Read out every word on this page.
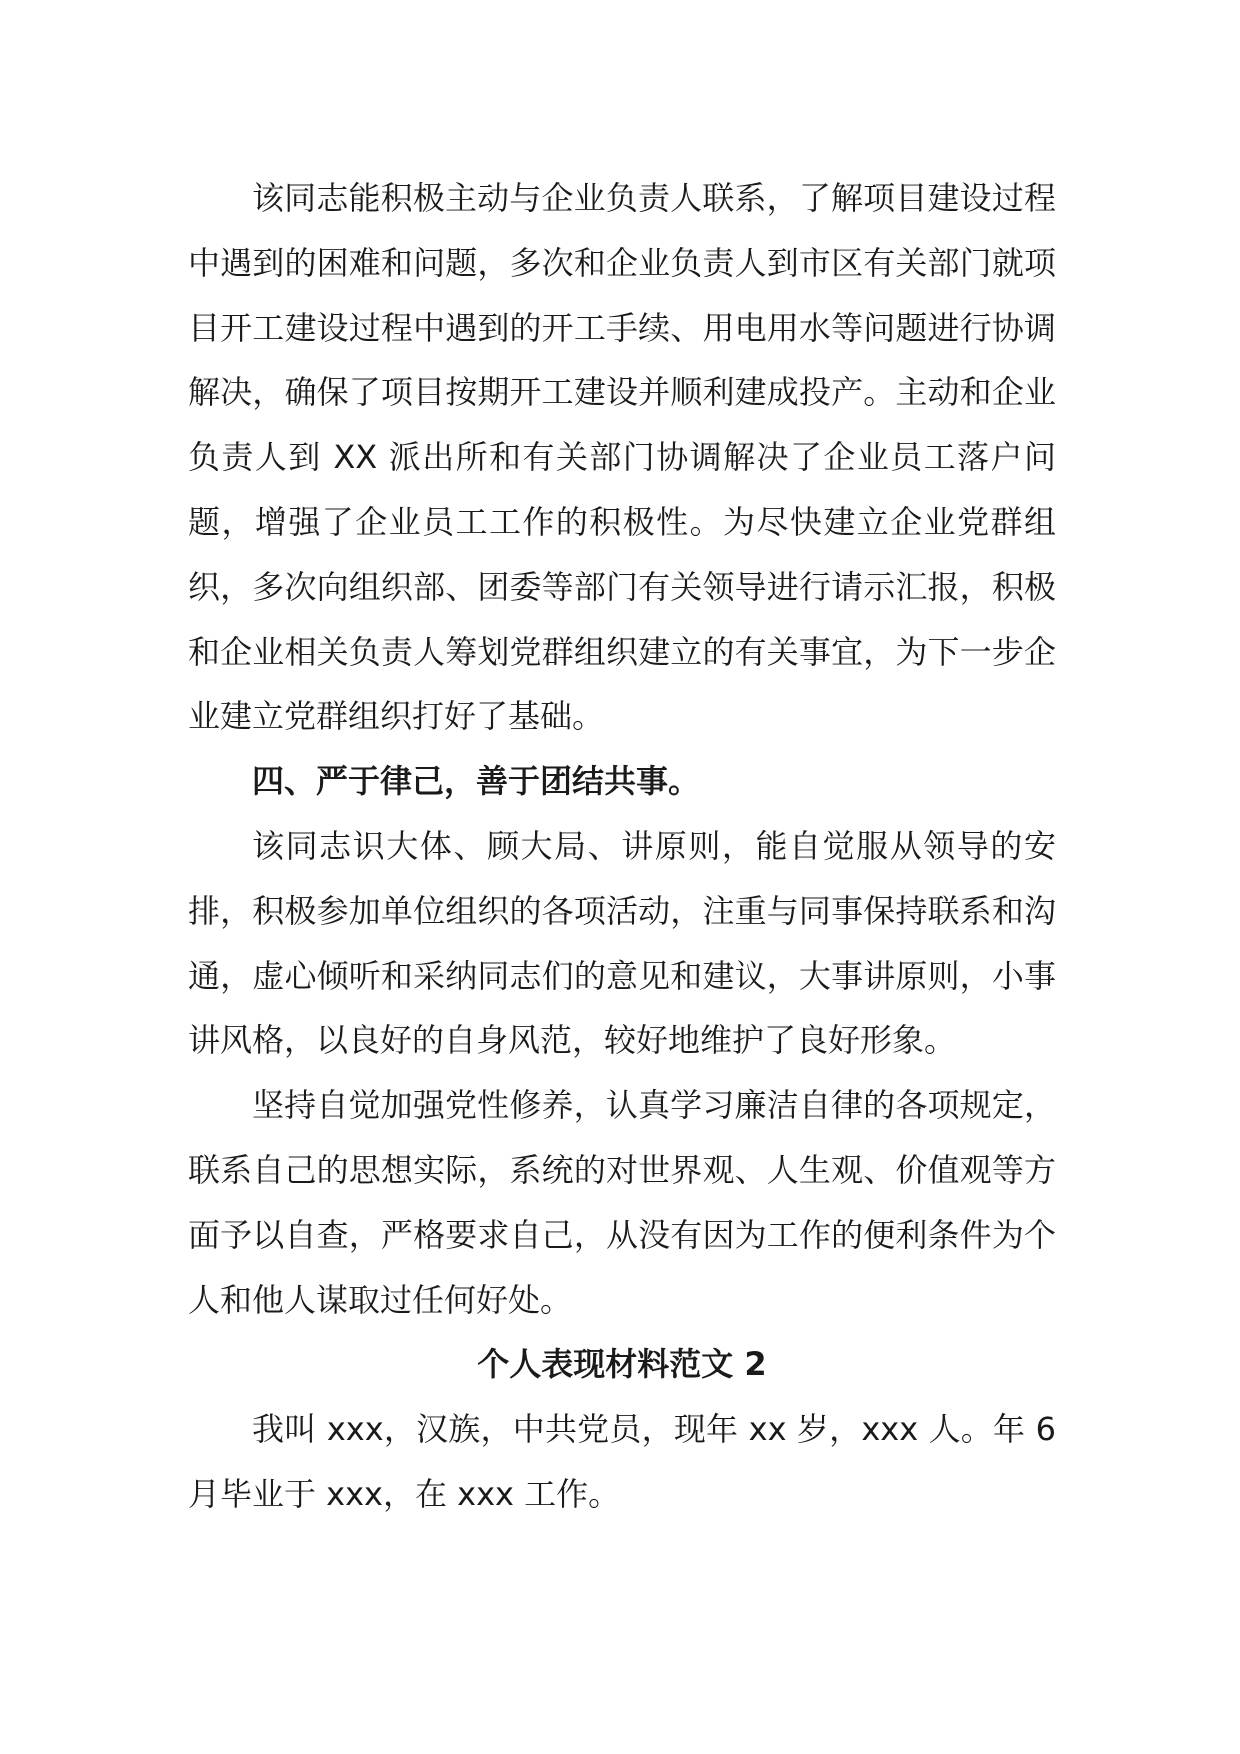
该同志能积极主动与企业负责人联系，了解项目建设过程中遇到的困难和问题，多次和企业负责人到市区有关部门就项目开工建设过程中遇到的开工手续、用电用水等问题进行协调解决，确保了项目按期开工建设并顺利建成投产。主动和企业负责人到 XX 派出所和有关部门协调解决了企业员工落户问题，增强了企业员工工作的积极性。为尽快建立企业党群组织，多次向组织部、团委等部门有关领导进行请示汇报，积极和企业相关负责人筹划党群组织建立的有关事宜，为下一步企业建立党群组织打好了基础。

四、严于律己，善于团结共事。

该同志识大体、顾大局、讲原则，能自觉服从领导的安排，积极参加单位组织的各项活动，注重与同事保持联系和沟通，虚心倾听和采纳同志们的意见和建议，大事讲原则，小事讲风格，以良好的自身风范，较好地维护了良好形象。

坚持自觉加强党性修养，认真学习廉洁自律的各项规定，联系自己的思想实际，系统的对世界观、人生观、价值观等方面予以自查，严格要求自己，从没有因为工作的便利条件为个人和他人谋取过任何好处。

个人表现材料范文 2

我叫 xxx，汉族，中共党员，现年 xx 岁，xxx 人。年 6 月毕业于 xxx，在 xxx 工作。
